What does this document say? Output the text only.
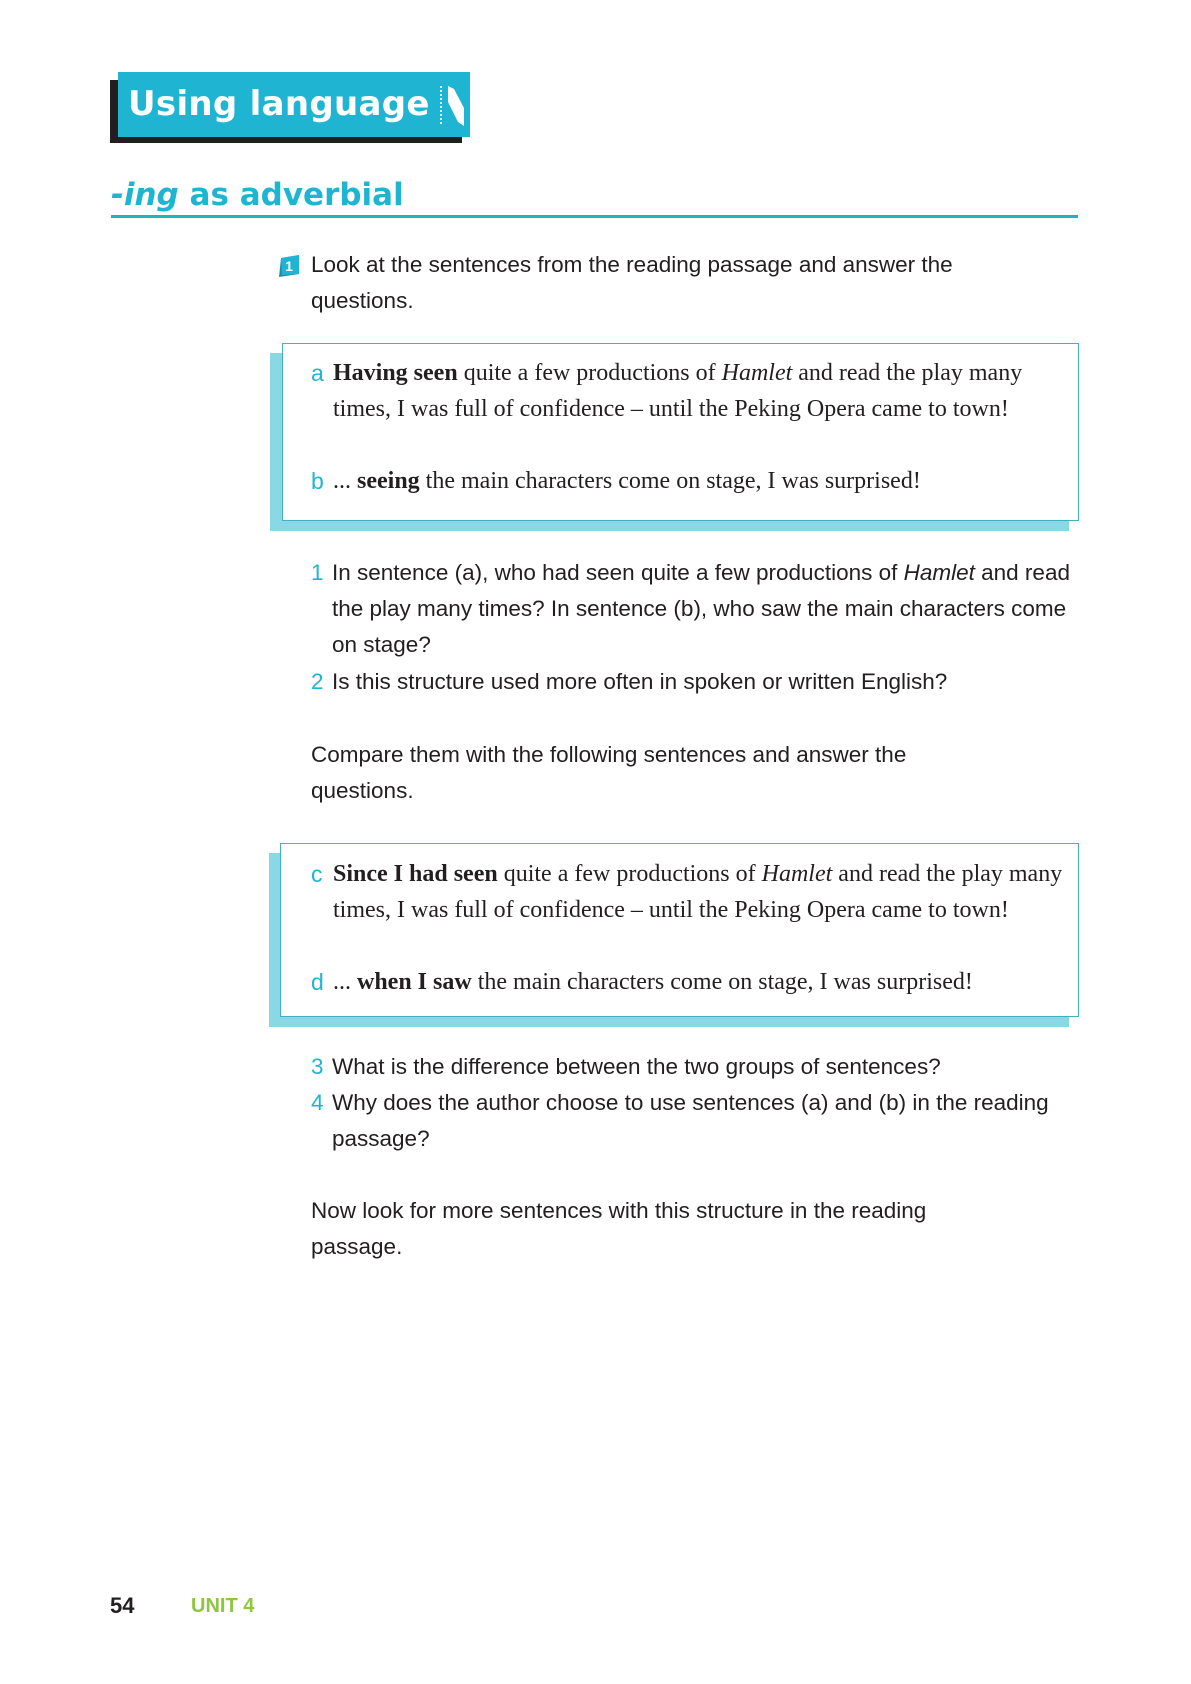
Using language
-ing as adverbial
1 Look at the sentences from the reading passage and answer the questions.
a Having seen quite a few productions of Hamlet and read the play many times, I was full of confidence – until the Peking Opera came to town!
b ... seeing the main characters come on stage, I was surprised!
1 In sentence (a), who had seen quite a few productions of Hamlet and read the play many times? In sentence (b), who saw the main characters come on stage?
2 Is this structure used more often in spoken or written English?
Compare them with the following sentences and answer the questions.
c Since I had seen quite a few productions of Hamlet and read the play many times, I was full of confidence – until the Peking Opera came to town!
d ... when I saw the main characters come on stage, I was surprised!
3 What is the difference between the two groups of sentences?
4 Why does the author choose to use sentences (a) and (b) in the reading passage?
Now look for more sentences with this structure in the reading passage.
54	UNIT 4
